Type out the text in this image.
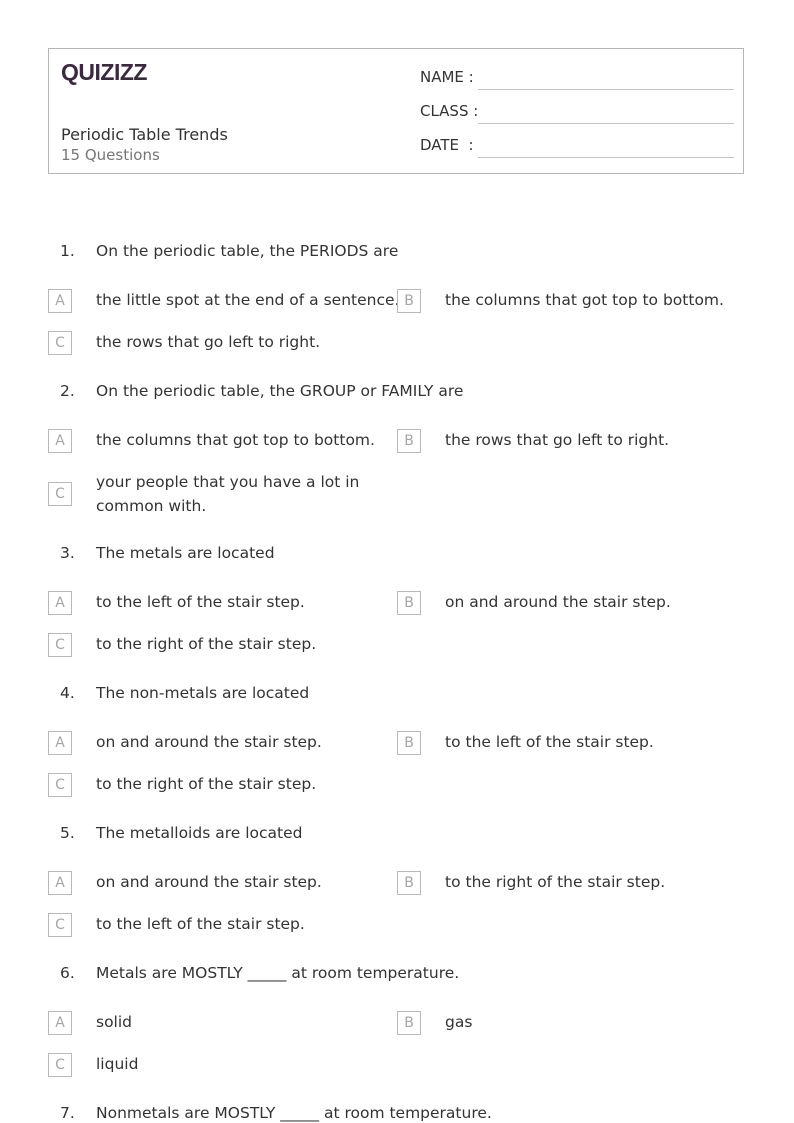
QUIZIZZ
Periodic Table Trends
15 Questions
NAME :
CLASS :
DATE  :
1. On the periodic table, the PERIODS are
A	the little spot at the end of a sentence. B	the columns that got top to bottom.
C	the rows that go left to right.
2. On the periodic table, the GROUP or FAMILY are
A	the columns that got top to bottom.	B	the rows that go left to right.
C
your people that you have a lot in common with.
3. The metals are located
A	to the left of the stair step.	B	on and around the stair step.
C	to the right of the stair step.
4. The non-metals are located
A	on and around the stair step.	B	to the left of the stair step.
C	to the right of the stair step.
5. The metalloids are located
A	on and around the stair step.	B	to the right of the stair step.
C	to the left of the stair step.
6. Metals are MOSTLY _____ at room temperature.
A	solid	B	gas
C	liquid
7. Nonmetals are MOSTLY _____ at room temperature.
